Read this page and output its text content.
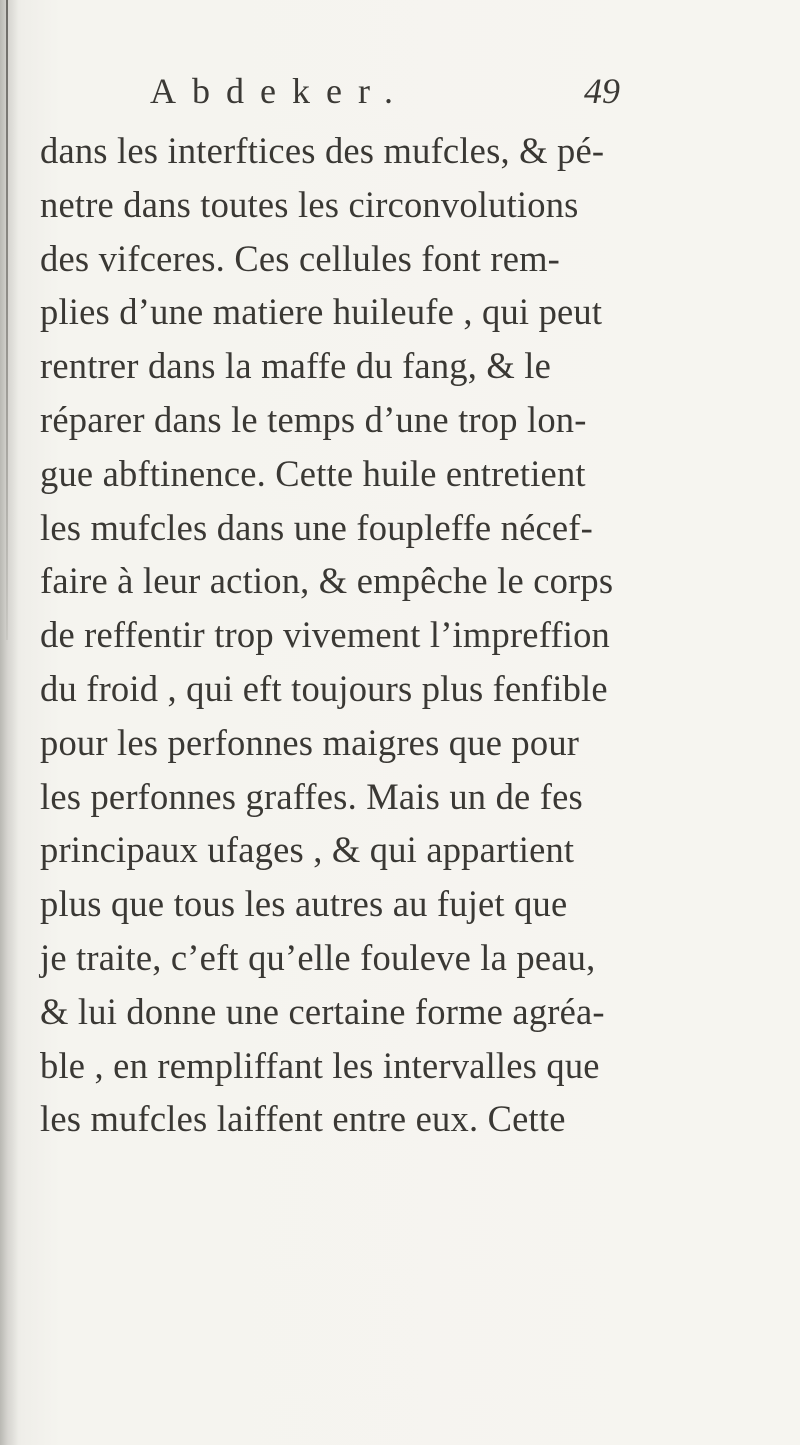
Abdeker.	49
dans les interftices des mufcles, & pé-
netre dans toutes les circonvolutions
des vifceres. Ces cellules font rem-
plies d’une matiere huileufe , qui peut
rentrer dans la maffe du fang, & le
réparer dans le temps d’une trop lon-
gue abftinence. Cette huile entretient
les mufcles dans une foupleffe nécef-
faire à leur action, & empêche le corps
de reffentir trop vivement l’impreffion
du froid , qui eft toujours plus fenfible
pour les perfonnes maigres que pour
les perfonnes graffes. Mais un de fes
principaux ufages , & qui appartient
plus que tous les autres au fujet que
je traite, c’eft qu’elle fouleve la peau,
& lui donne une certaine forme agréa-
ble , en rempliffant les intervalles que
les mufcles laiffent entre eux. Cette
